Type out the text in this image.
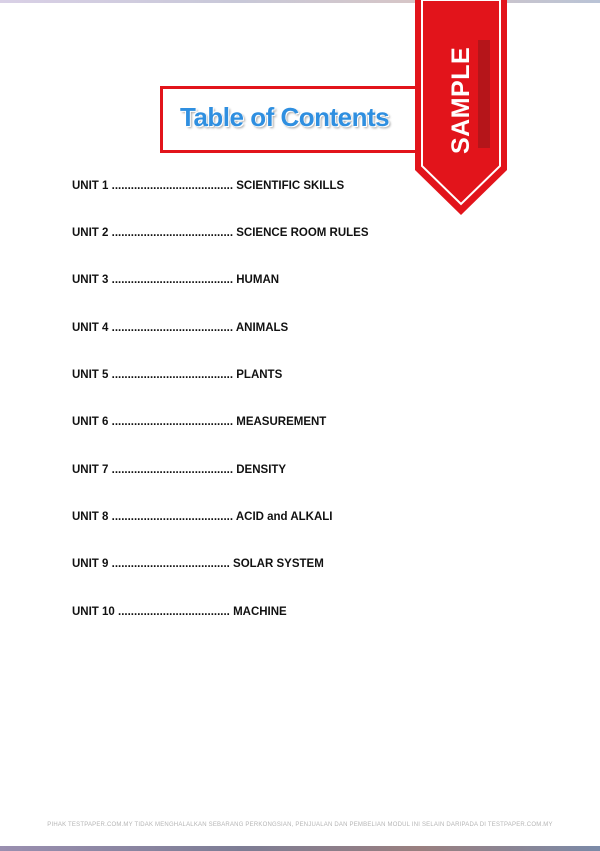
Table of Contents	SAMPLE
UNIT 1 ...................................... SCIENTIFIC SKILLS
UNIT 2 ...................................... SCIENCE ROOM RULES
UNIT 3 ...................................... HUMAN
UNIT 4 ...................................... ANIMALS
UNIT 5 ...................................... PLANTS
UNIT 6 ...................................... MEASUREMENT
UNIT 7 ...................................... DENSITY
UNIT 8 ...................................... ACID and ALKALI
UNIT 9 ..................................... SOLAR SYSTEM
UNIT 10 ................................... MACHINE
PIHAK TESTPAPER.COM.MY TIDAK MENGHALALKAN SEBARANG PERKONGSIAN, PENJUALAN DAN PEMBELIAN MODUL INI SELAIN DARIPADA DI TESTPAPER.COM.MY
